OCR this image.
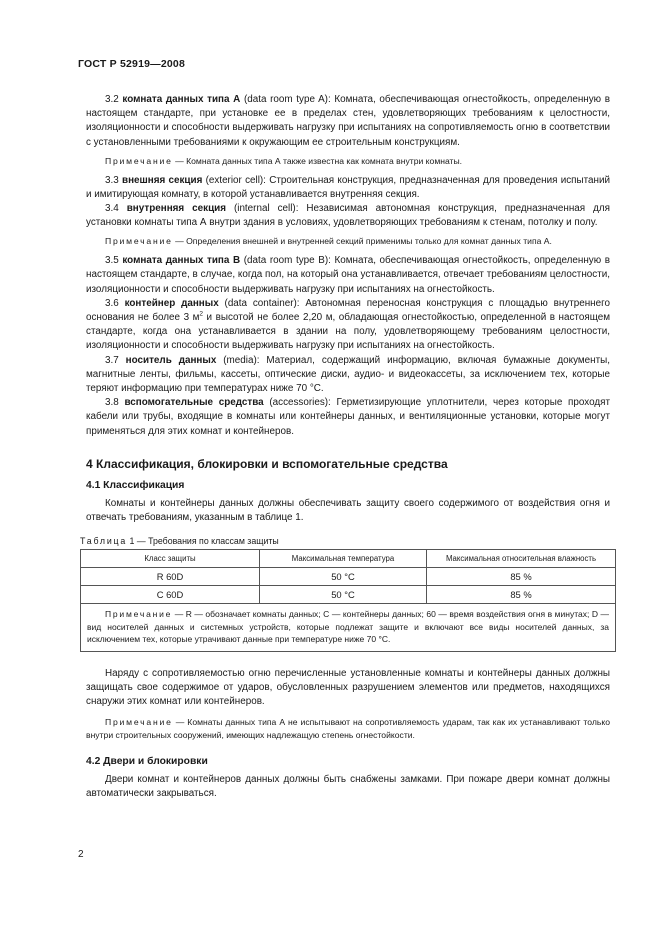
ГОСТ Р 52919—2008

3.2 комната данных типа А (data room type A): Комната, обеспечивающая огнестойкость, определенную в настоящем стандарте, при установке ее в пределах стен, удовлетворяющих требованиям к целостности, изоляционности и способности выдерживать нагрузку при испытаниях на сопротивляемость огню в соответствии с установленными требованиями к окружающим ее строительным конструкциям.

Примечание — Комната данных типа А также известна как комната внутри комнаты.

3.3 внешняя секция (exterior cell): Строительная конструкция, предназначенная для проведения испытаний и имитирующая комнату, в которой устанавливается внутренняя секция.

3.4 внутренняя секция (internal cell): Независимая автономная конструкция, предназначенная для установки комнаты типа А внутри здания в условиях, удовлетворяющих требованиям к стенам, потолку и полу.

Примечание — Определения внешней и внутренней секций применимы только для комнат данных типа А.

3.5 комната данных типа В (data room type B): Комната, обеспечивающая огнестойкость, определенную в настоящем стандарте, в случае, когда пол, на который она устанавливается, отвечает требованиям целостности, изоляционности и способности выдерживать нагрузку при испытаниях на огнестойкость.

3.6 контейнер данных (data container): Автономная переносная конструкция с площадью внутреннего основания не более 3 $м^2$ и высотой не более 2,20 м, обладающая огнестойкостью, определенной в настоящем стандарте, когда она устанавливается в здании на полу, удовлетворяющему требованиям целостности, изоляционности и способности выдерживать нагрузку при испытаниях на огнестойкость.

3.7 носитель данных (media): Материал, содержащий информацию, включая бумажные документы, магнитные ленты, фильмы, кассеты, оптические диски, аудио- и видеокассеты, за исключением тех, которые теряют информацию при температурах ниже 70 °С.

3.8 вспомогательные средства (accessories): Герметизирующие уплотнители, через которые проходят кабели или трубы, входящие в комнаты или контейнеры данных, и вентиляционные установки, которые могут применяться для этих комнат и контейнеров.

4 Классификация, блокировки и вспомогательные средства
4.1 Классификация

Комнаты и контейнеры данных должны обеспечивать защиту своего содержимого от воздействия огня и отвечать требованиям, указанным в таблице 1.

Таблица 1 — Требования по классам защиты
Класс защиты	Максимальная температура	Максимальная относительная влажность
R 60D	50 °С	85 %
С 60D	50 °С	85 %
Примечание — R — обозначает комнаты данных; С — контейнеры данных; 60 — время воздействия огня в минутах; D — вид носителей данных и системных устройств, которые подлежат защите и включают все виды носителей данных, за исключением тех, которые утрачивают данные при температуре ниже 70 °С.		

Наряду с сопротивляемостью огню перечисленные установленные комнаты и контейнеры данных должны защищать свое содержимое от ударов, обусловленных разрушением элементов или предметов, находящихся снаружи этих комнат или контейнеров.

Примечание — Комнаты данных типа А не испытывают на сопротивляемость ударам, так как их устанавливают только внутри строительных сооружений, имеющих надлежащую степень огнестойкости.

4.2 Двери и блокировки

Двери комнат и контейнеров данных должны быть снабжены замками. При пожаре двери комнат должны автоматически закрываться.

2
